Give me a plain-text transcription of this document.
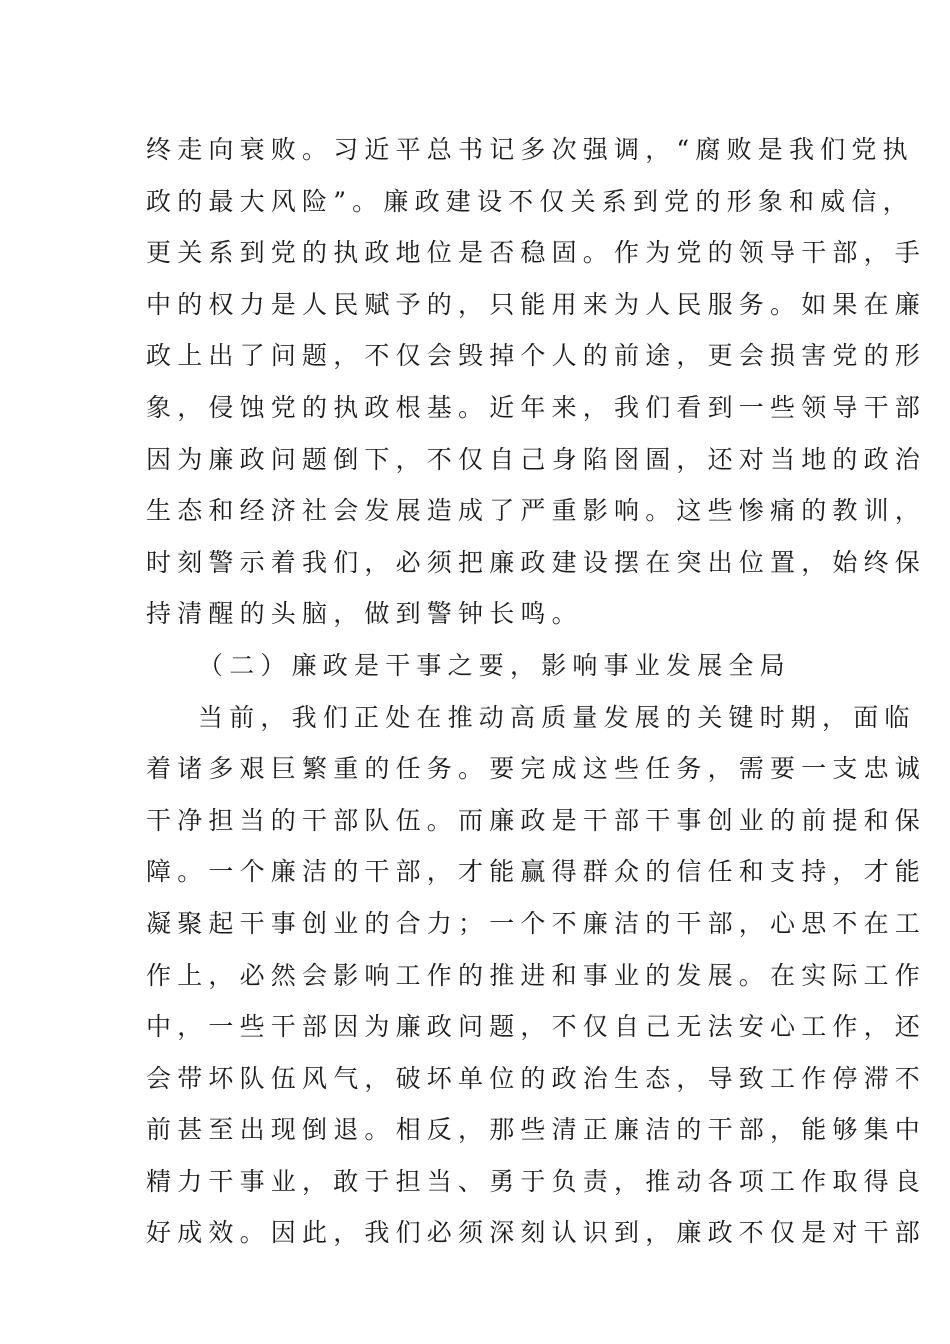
终走向衰败。习近平总书记多次强调，“腐败是我们党执
政的最大风险”。廉政建设不仅关系到党的形象和威信，
更关系到党的执政地位是否稳固。作为党的领导干部，手
中的权力是人民赋予的，只能用来为人民服务。如果在廉
政上出了问题，不仅会毁掉个人的前途，更会损害党的形
象，侵蚀党的执政根基。近年来，我们看到一些领导干部
因为廉政问题倒下，不仅自己身陷囹圄，还对当地的政治
生态和经济社会发展造成了严重影响。这些惨痛的教训，
时刻警示着我们，必须把廉政建设摆在突出位置，始终保
持清醒的头脑，做到警钟长鸣。
（二）廉政是干事之要，影响事业发展全局
当前，我们正处在推动高质量发展的关键时期，面临
着诸多艰巨繁重的任务。要完成这些任务，需要一支忠诚
干净担当的干部队伍。而廉政是干部干事创业的前提和保
障。一个廉洁的干部，才能赢得群众的信任和支持，才能
凝聚起干事创业的合力；一个不廉洁的干部，心思不在工
作上，必然会影响工作的推进和事业的发展。在实际工作
中，一些干部因为廉政问题，不仅自己无法安心工作，还
会带坏队伍风气，破坏单位的政治生态，导致工作停滞不
前甚至出现倒退。相反，那些清正廉洁的干部，能够集中
精力干事业，敢于担当、勇于负责，推动各项工作取得良
好成效。因此，我们必须深刻认识到，廉政不仅是对干部
